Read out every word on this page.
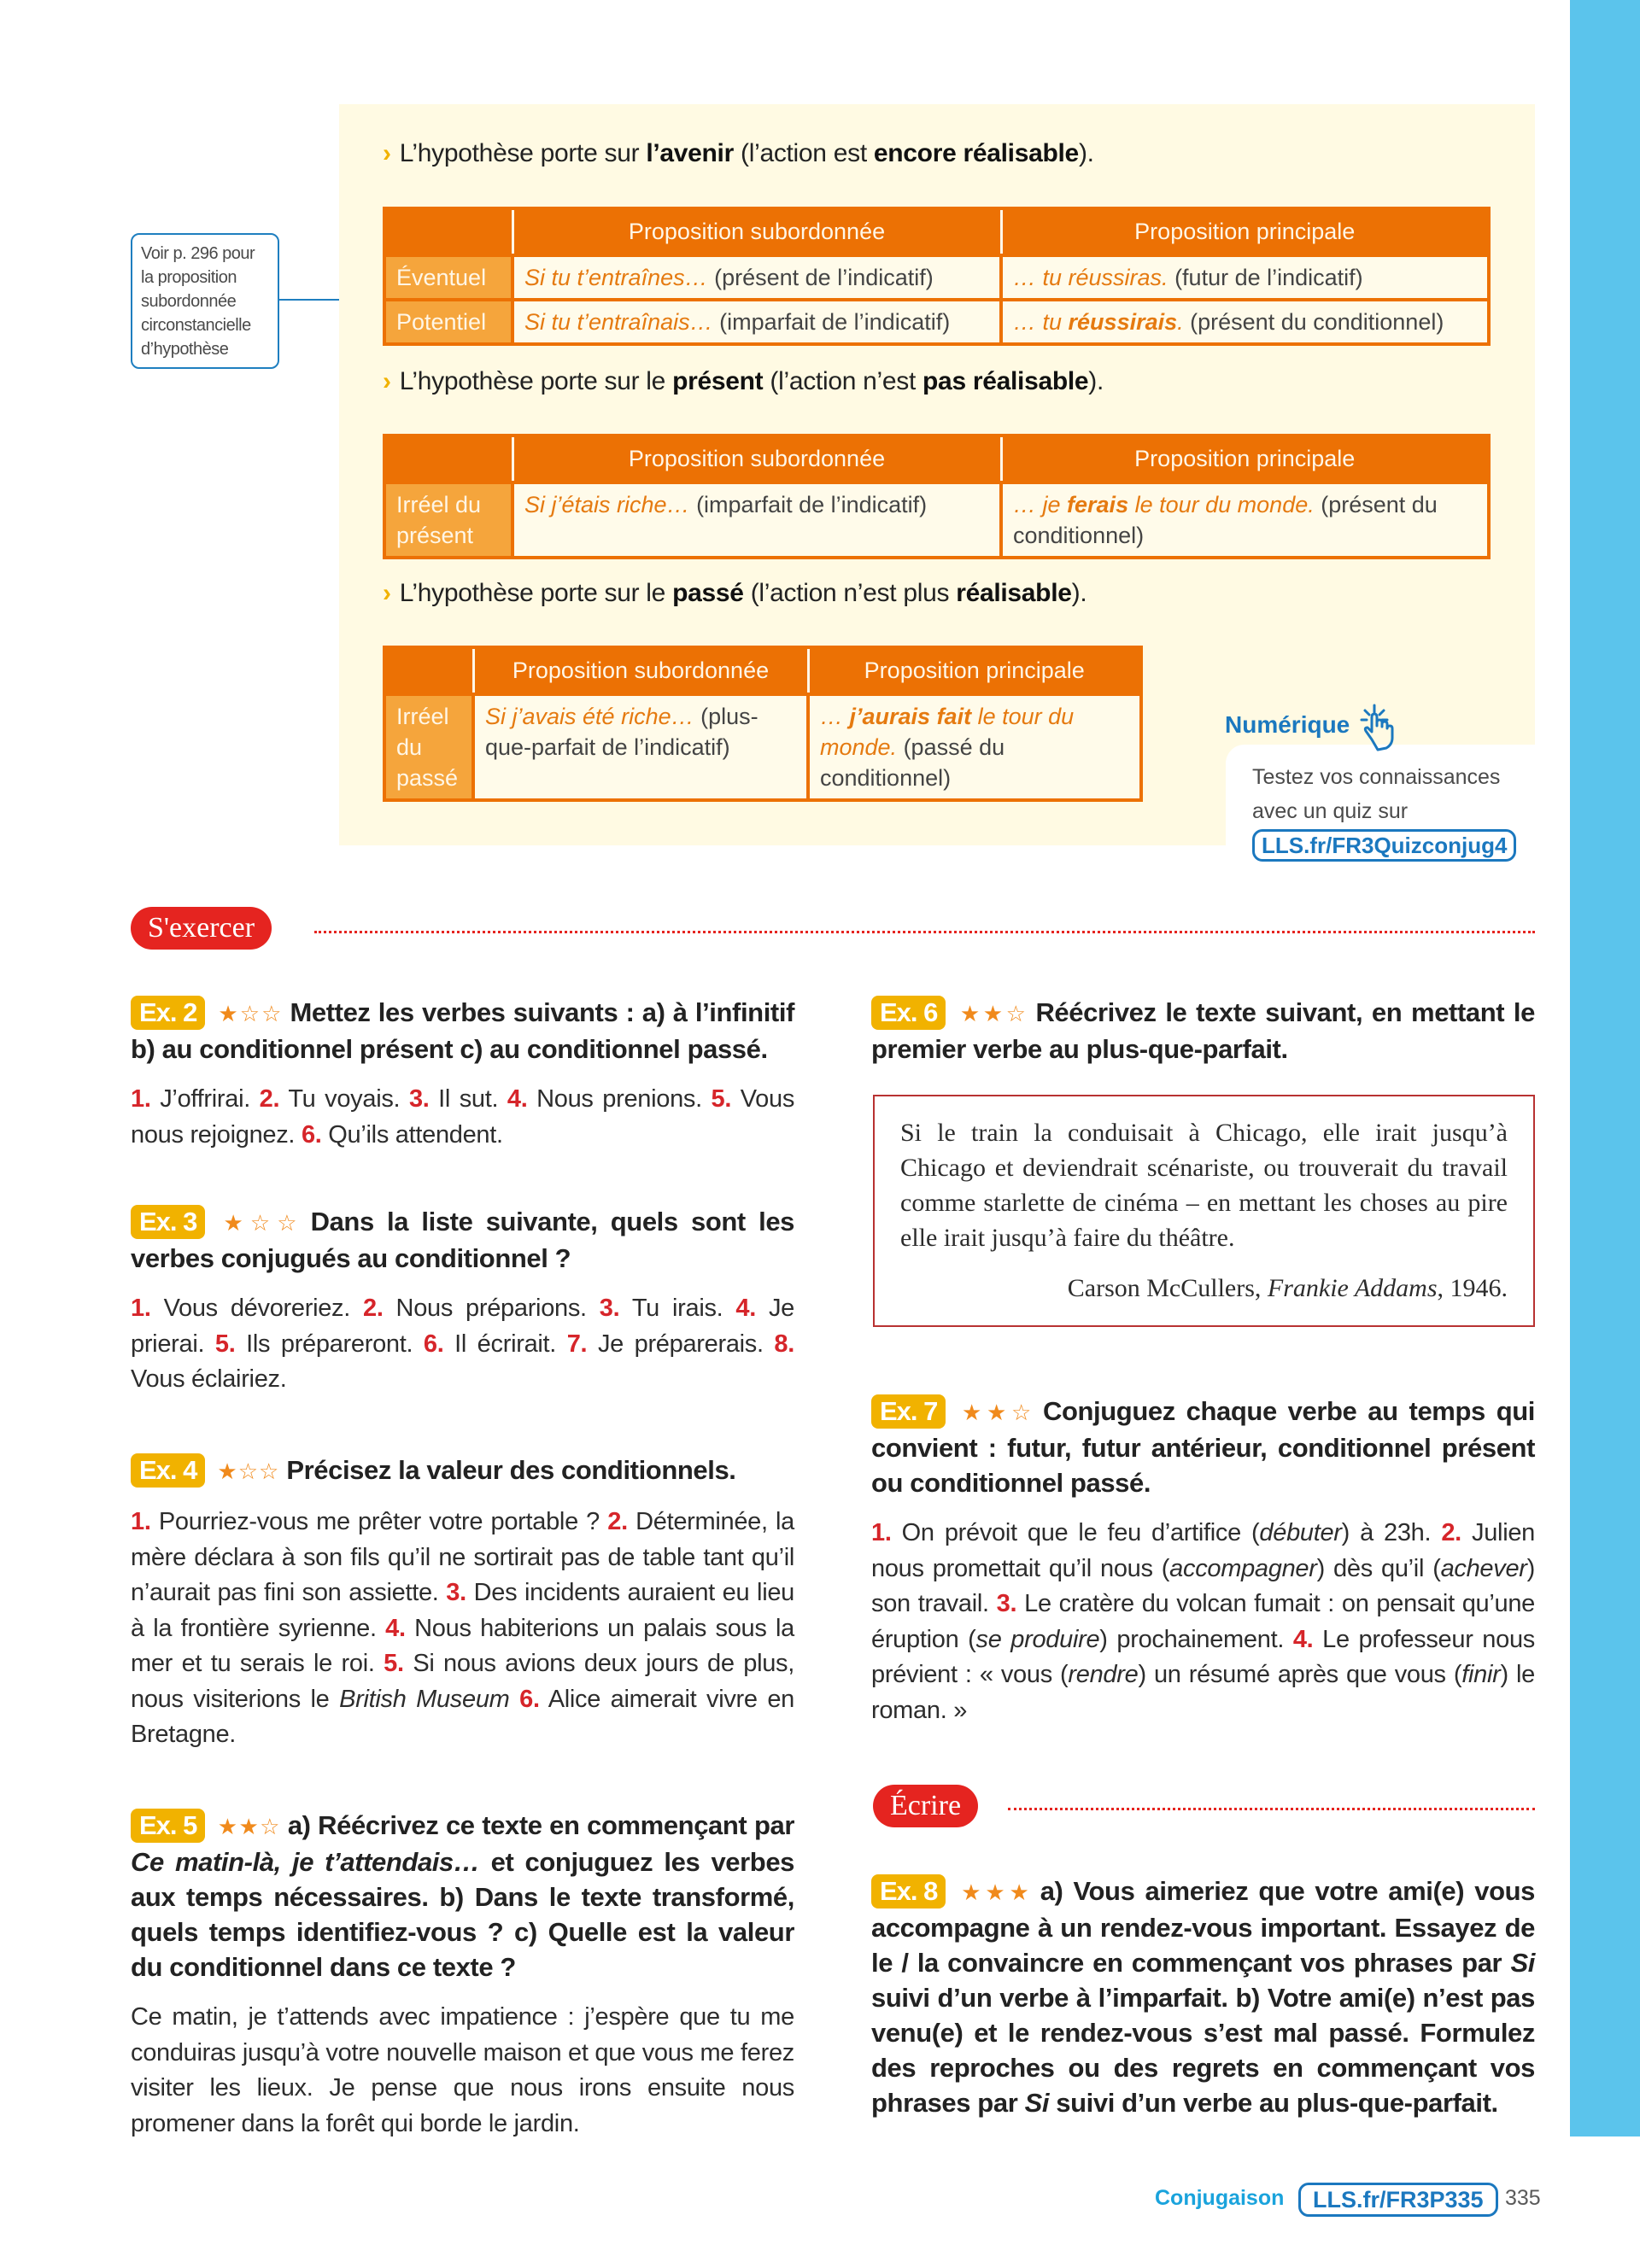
Voir p. 296 pour la proposition subordonnée circonstancielle d’hypothèse
› L’hypothèse porte sur l’avenir (l’action est encore réalisable).
	Proposition subordonnée	Proposition principale
Éventuel	Si tu t’entraînes… (présent de l’indicatif)	… tu réussiras. (futur de l’indicatif)
Potentiel	Si tu t’entraînais… (imparfait de l’indicatif)	… tu réussirais. (présent du conditionnel)
› L’hypothèse porte sur le présent (l’action n’est pas réalisable).
	Proposition subordonnée	Proposition principale
Irréel du présent	Si j’étais riche… (imparfait de l’indicatif)	… je ferais le tour du monde. (présent du conditionnel)
› L’hypothèse porte sur le passé (l’action n’est plus réalisable).
	Proposition subordonnée	Proposition principale
Irréel du passé	Si j’avais été riche… (plus-que-parfait de l’indicatif)	… j’aurais fait le tour du monde. (passé du conditionnel)
Numérique
Testez vos connaissances avec un quiz sur
LLS.fr/FR3Quizconjug4
S'exercer
Ex. 2 ★☆☆ Mettez les verbes suivants : a) à l’infinitif b) au conditionnel présent c) au conditionnel passé.
1. J’offrirai. 2. Tu voyais. 3. Il sut. 4. Nous prenions. 5. Vous nous rejoignez. 6. Qu’ils attendent.
Ex. 3 ★☆☆ Dans la liste suivante, quels sont les verbes conjugués au conditionnel ?
1. Vous dévoreriez. 2. Nous préparions. 3. Tu irais. 4. Je prierai. 5. Ils prépareront. 6. Il écrirait. 7. Je préparerais. 8. Vous éclairiez.
Ex. 4 ★☆☆ Précisez la valeur des conditionnels.
1. Pourriez-vous me prêter votre portable ? 2. Déterminée, la mère déclara à son fils qu’il ne sortirait pas de table tant qu’il n’aurait pas fini son assiette. 3. Des incidents auraient eu lieu à la frontière syrienne. 4. Nous habiterions un palais sous la mer et tu serais le roi. 5. Si nous avions deux jours de plus, nous visiterions le British Museum 6. Alice aimerait vivre en Bretagne.
Ex. 5 ★★☆ a) Réécrivez ce texte en commençant par Ce matin-là, je t’attendais… et conjuguez les verbes aux temps nécessaires. b) Dans le texte transformé, quels temps identifiez-vous ? c) Quelle est la valeur du conditionnel dans ce texte ?
Ce matin, je t’attends avec impatience : j’espère que tu me conduiras jusqu’à votre nouvelle maison et que vous me ferez visiter les lieux. Je pense que nous irons ensuite nous promener dans la forêt qui borde le jardin.
Ex. 6 ★★☆ Réécrivez le texte suivant, en mettant le premier verbe au plus-que-parfait.
Si le train la conduisait à Chicago, elle irait jusqu’à Chicago et deviendrait scénariste, ou trouverait du travail comme starlette de cinéma – en mettant les choses au pire elle irait jusqu’à faire du théâtre.
Carson McCullers, Frankie Addams, 1946.
Ex. 7 ★★☆ Conjuguez chaque verbe au temps qui convient : futur, futur antérieur, conditionnel présent ou conditionnel passé.
1. On prévoit que le feu d’artifice (débuter) à 23h. 2. Julien nous promettait qu’il nous (accompagner) dès qu’il (achever) son travail. 3. Le cratère du volcan fumait : on pensait qu’une éruption (se produire) prochainement. 4. Le professeur nous prévient : « vous (rendre) un résumé après que vous (finir) le roman. »
Écrire
Ex. 8 ★★★ a) Vous aimeriez que votre ami(e) vous accompagne à un rendez-vous important. Essayez de le / la convaincre en commençant vos phrases par Si suivi d’un verbe à l’imparfait. b) Votre ami(e) n’est pas venu(e) et le rendez-vous s’est mal passé. Formulez des reproches ou des regrets en commençant vos phrases par Si suivi d’un verbe au plus-que-parfait.
Conjugaison	LLS.fr/FR3P335	335
